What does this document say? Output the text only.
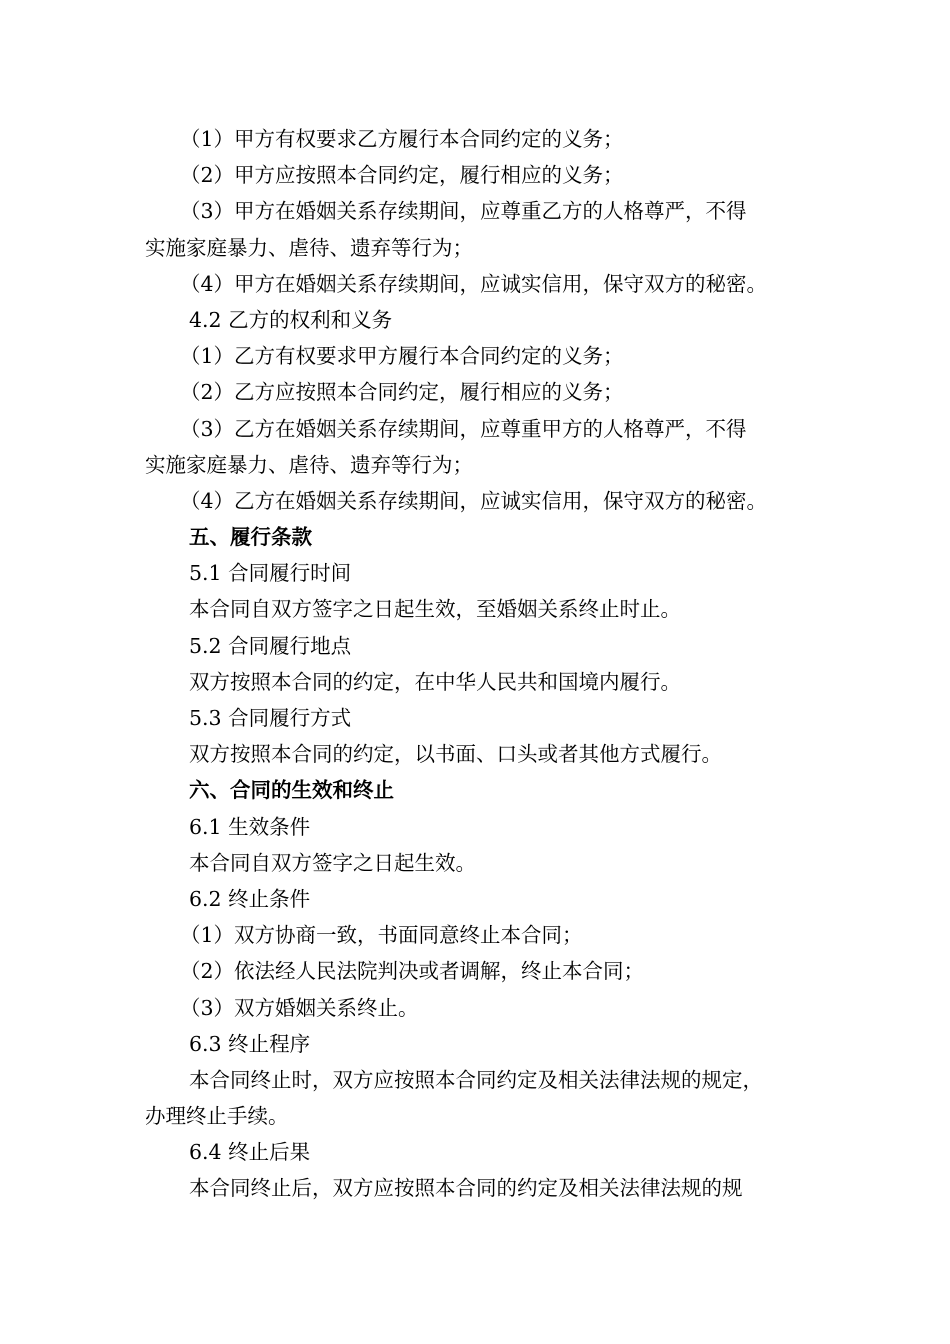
（1）甲方有权要求乙方履行本合同约定的义务；
（2）甲方应按照本合同约定，履行相应的义务；
（3）甲方在婚姻关系存续期间，应尊重乙方的人格尊严，不得
实施家庭暴力、虐待、遗弃等行为；
（4）甲方在婚姻关系存续期间，应诚实信用，保守双方的秘密。
4.2 乙方的权利和义务
（1）乙方有权要求甲方履行本合同约定的义务；
（2）乙方应按照本合同约定，履行相应的义务；
（3）乙方在婚姻关系存续期间，应尊重甲方的人格尊严，不得
实施家庭暴力、虐待、遗弃等行为；
（4）乙方在婚姻关系存续期间，应诚实信用，保守双方的秘密。
五、履行条款
5.1 合同履行时间
本合同自双方签字之日起生效，至婚姻关系终止时止。
5.2 合同履行地点
双方按照本合同的约定，在中华人民共和国境内履行。
5.3 合同履行方式
双方按照本合同的约定，以书面、口头或者其他方式履行。
六、合同的生效和终止
6.1 生效条件
本合同自双方签字之日起生效。
6.2 终止条件
（1）双方协商一致，书面同意终止本合同；
（2）依法经人民法院判决或者调解，终止本合同；
（3）双方婚姻关系终止。
6.3 终止程序
本合同终止时，双方应按照本合同约定及相关法律法规的规定，
办理终止手续。
6.4 终止后果
本合同终止后，双方应按照本合同的约定及相关法律法规的规
